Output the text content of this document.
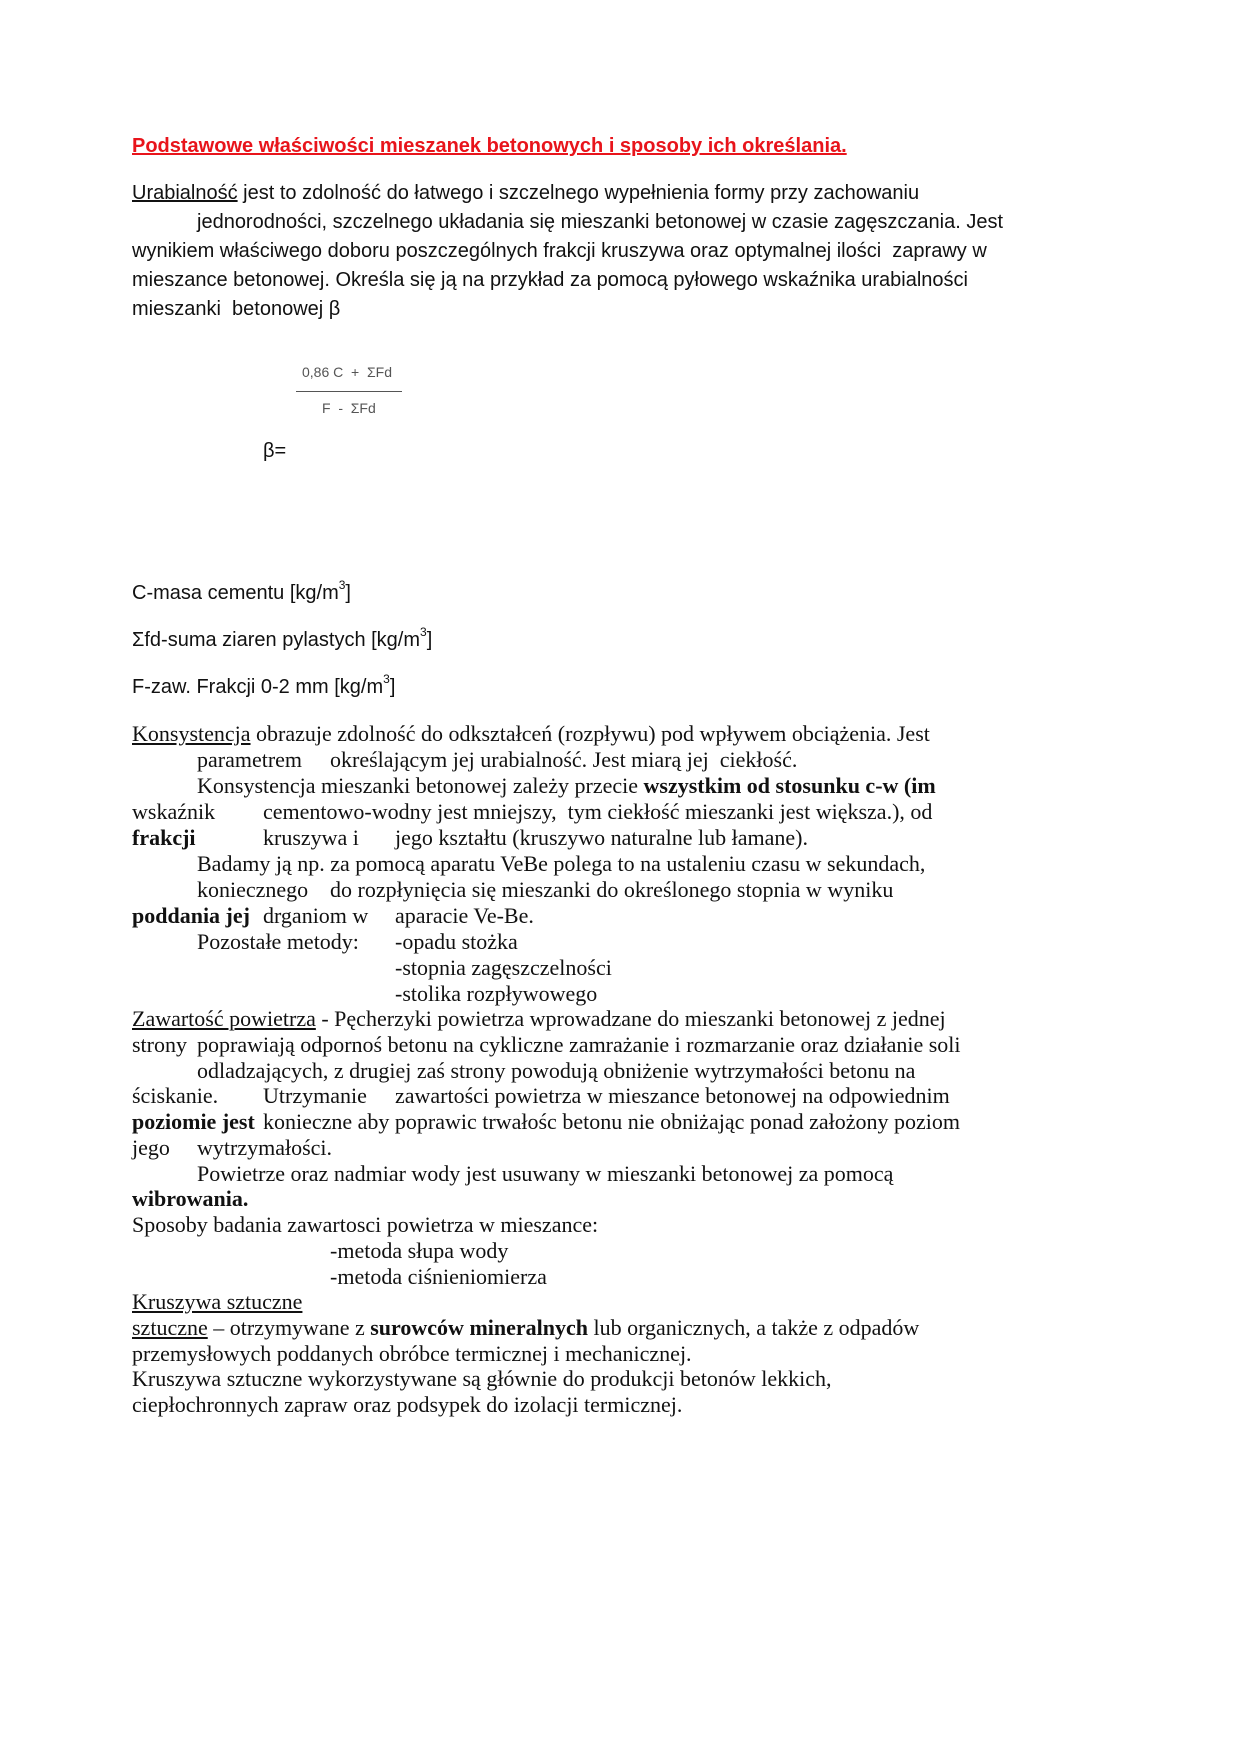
Podstawowe właściwości mieszanek betonowych i sposoby ich określania.
Urabialność jest to zdolność do łatwego i szczelnego wypełnienia formy przy zachowaniu
jednorodności, szczelnego układania się mieszanki betonowej w czasie zagęszczania. Jest
wynikiem właściwego doboru poszczególnych frakcji kruszywa oraz optymalnej ilości  zaprawy w
mieszance betonowej. Określa się ją na przykład za pomocą pyłowego wskaźnika urabialności
mieszanki  betonowej β
0,86 C  +  ΣFd
F  -  ΣFd
β=
C-masa cementu $[kg/m^3]$
Σfd-suma ziaren pylastych $[kg/m^3]$
F-zaw. Frakcji 0-2 mm $[kg/m^3]$
Konsystencja obrazuje zdolność do odkształceń (rozpływu) pod wpływem obciążenia. Jest
parametrem określającym jej urabialność. Jest miarą jej  ciekłość.
Konsystencja mieszanki betonowej zależy przecie wszystkim od stosunku c-w (im
wskaźnik cementowo-wodny jest mniejszy,  tym ciekłość mieszanki jest większa.), od
frakcji	kruszywa i jego kształtu (kruszywo naturalne lub łamane).
Badamy ją np. za pomocą aparatu VeBe polega to na ustaleniu czasu w sekundach,
koniecznego do rozpłynięcia się mieszanki do określonego stopnia w wyniku
poddania jej drganiom w aparacie Ve-Be.
Pozostałe metody: -opadu stożka
-stopnia zagęszczelności
-stolika rozpływowego
Zawartość powietrza - Pęcherzyki powietrza wprowadzane do mieszanki betonowej z jednej
strony poprawiają odpornoś betonu na cykliczne zamrażanie i rozmarzanie oraz działanie soli
odladzających, z drugiej zaś strony powodują obniżenie wytrzymałości betonu na
ściskanie. Utrzymanie zawartości powietrza w mieszance betonowej na odpowiednim
poziomie jest konieczne aby poprawic trwałośc betonu nie obniżając ponad założony poziom
jego wytrzymałości.
Powietrze oraz nadmiar wody jest usuwany w mieszanki betonowej za pomocą
wibrowania.
Sposoby badania zawartosci powietrza w mieszance:
-metoda słupa wody
-metoda ciśnieniomierza
Kruszywa sztuczne
sztuczne – otrzymywane z surowców mineralnych lub organicznych, a także z odpadów
przemysłowych poddanych obróbce termicznej i mechanicznej.
Kruszywa sztuczne wykorzystywane są głównie do produkcji betonów lekkich,
ciepłochronnych zapraw oraz podsypek do izolacji termicznej.
